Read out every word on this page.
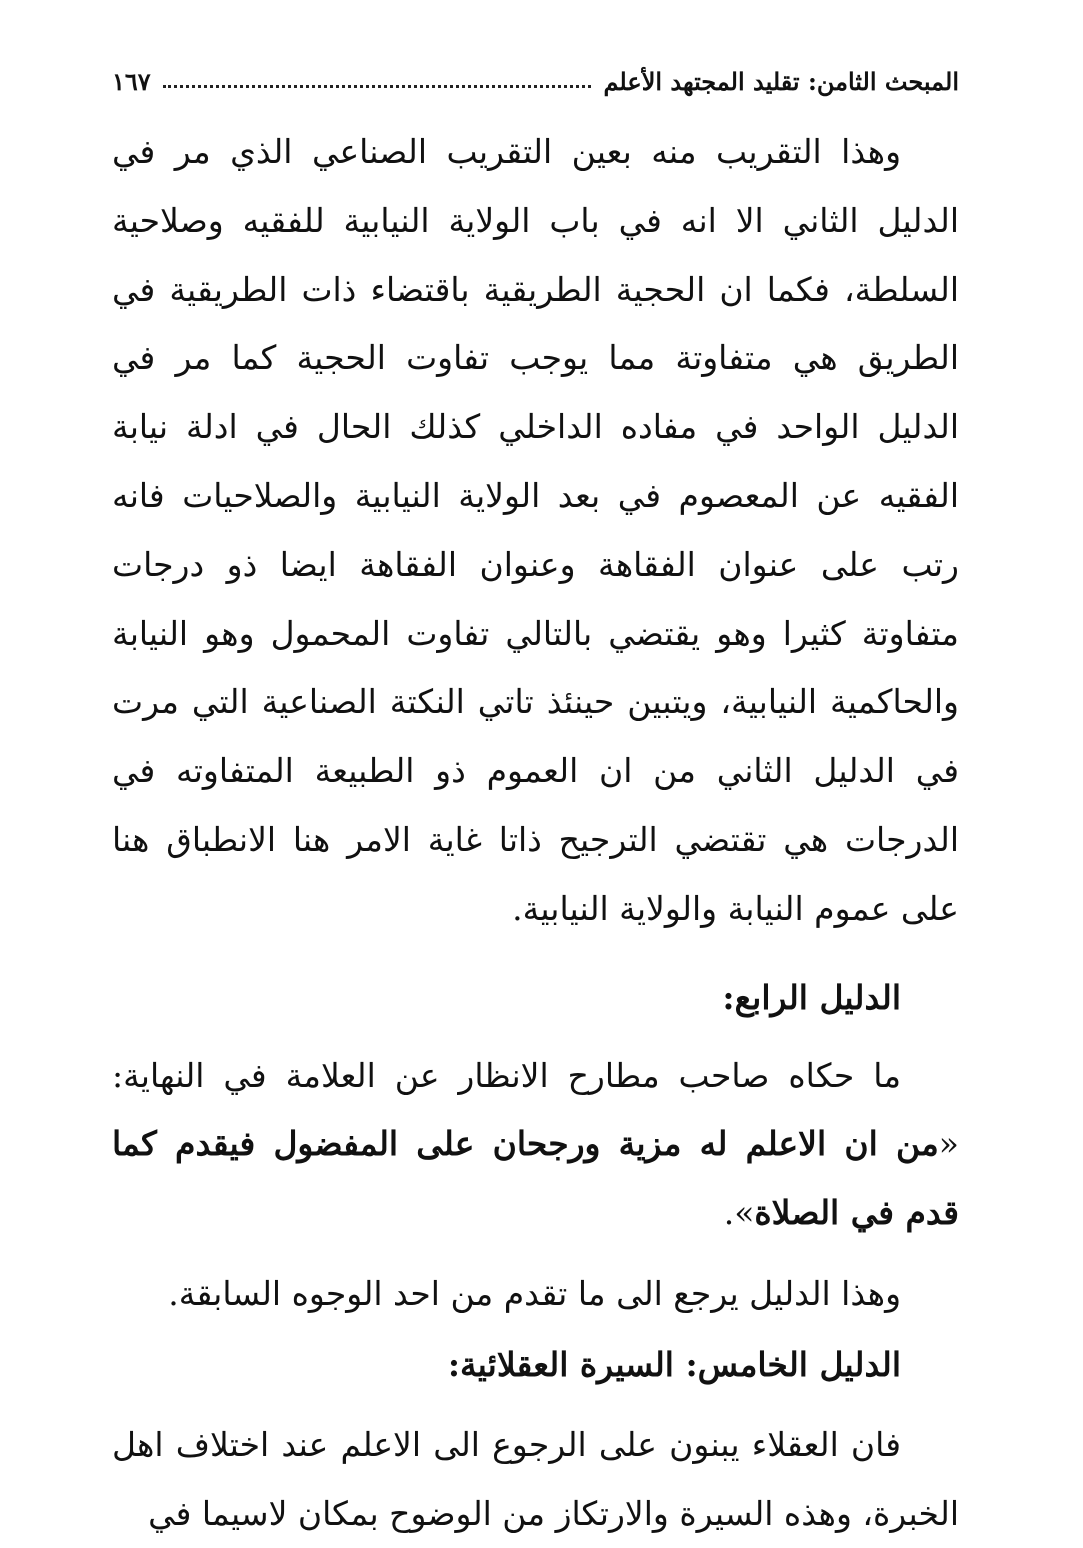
المبحث الثامن: تقليد المجتهد الأعلم
١٦٧

وهذا التقريب منه بعين التقريب الصناعي الذي مر في الدليل الثاني الا انه في باب الولاية النيابية للفقيه وصلاحية السلطة، فكما ان الحجية الطريقية باقتضاء ذات الطريقية في الطريق هي متفاوتة مما يوجب تفاوت الحجية كما مر في الدليل الواحد في مفاده الداخلي كذلك الحال في ادلة نيابة الفقيه عن المعصوم في بعد الولاية النيابية والصلاحيات فانه رتب على عنوان الفقاهة وعنوان الفقاهة ايضا ذو درجات متفاوتة كثيرا وهو يقتضي بالتالي تفاوت المحمول وهو النيابة والحاكمية النيابية، ويتبين حينئذ تاتي النكتة الصناعية التي مرت في الدليل الثاني من ان العموم ذو الطبيعة المتفاوته في الدرجات هي تقتضي الترجيح ذاتا غاية الامر هنا الانطباق هنا على عموم النيابة والولاية النيابية.

الدليل الرابع:

ما حكاه صاحب مطارح الانظار عن العلامة في النهاية: «من ان الاعلم له مزية ورجحان على المفضول فيقدم كما قدم في الصلاة».

وهذا الدليل يرجع الى ما تقدم من احد الوجوه السابقة.

الدليل الخامس: السيرة العقلائية:

فان العقلاء يبنون على الرجوع الى الاعلم عند اختلاف اهل الخبرة، وهذه السيرة والارتكاز من الوضوح بمكان لاسيما في
